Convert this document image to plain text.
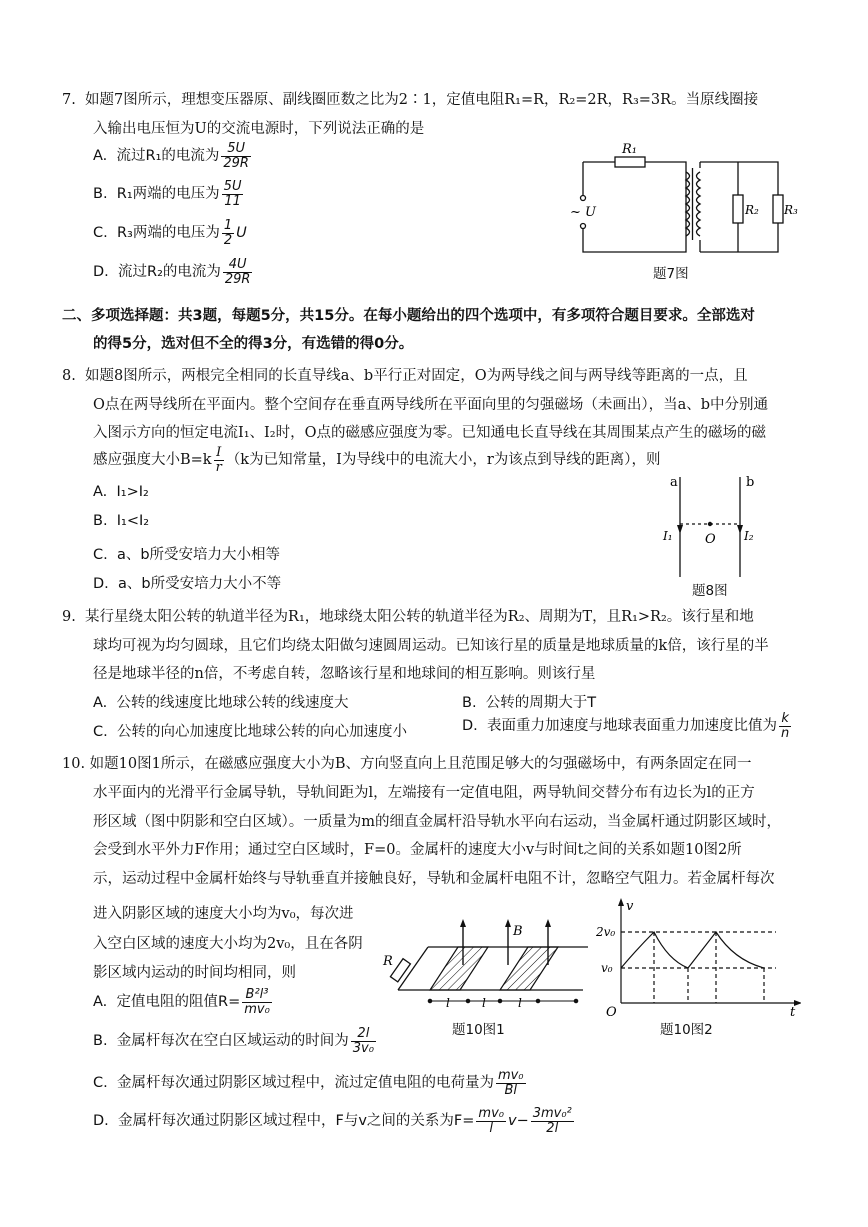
7.  如题7图所示，理想变压器原、副线圈匝数之比为2∶1，定值电阻R₁=R，R₂=2R，R₃=3R。当原线圈接
入输出电压恒为U的交流电源时，下列说法正确的是
A.  流过R₁的电流为 $\frac{5U}{29R}$
B.  R₁两端的电压为 $\frac{5U}{11}$
C.  R₃两端的电压为 $\frac{1}{2}$ U
D.  流过R₂的电流为 $\frac{4U}{29R}$
R₁
~ U	R₂ R₃
题7图
二、多项选择题：共3题，每题5分，共15分。在每小题给出的四个选项中，有多项符合题目要求。全部选对
的得5分，选对但不全的得3分，有选错的得0分。
8.  如题8图所示，两根完全相同的长直导线a、b平行正对固定，O为两导线之间与两导线等距离的一点，且
O点在两导线所在平面内。整个空间存在垂直两导线所在平面向里的匀强磁场（未画出），当a、b中分别通
入图示方向的恒定电流I₁、I₂时，O点的磁感应强度为零。已知通电长直导线在其周围某点产生的磁场的磁
感应强度大小$B=k \frac{I}{r} (k$为已知常量，I为导线中的电流大小，r为该点到导线的距离），则
A.  I₁>I₂
B.  I₁<I₂
C.  a、b所受安培力大小相等
D.  a、b所受安培力大小不等
a	b
I₁	I₂
O
题8图
9.  某行星绕太阳公转的轨道半径为R₁，地球绕太阳公转的轨道半径为R₂、周期为T，且R₁>R₂。该行星和地
球均可视为均匀圆球，且它们均绕太阳做匀速圆周运动。已知该行星的质量是地球质量的k倍，该行星的半
径是地球半径的n倍，不考虑自转，忽略该行星和地球间的相互影响。则该行星
A.  公转的线速度比地球公转的线速度大	B.  公转的周期大于T
C.  公转的向心加速度比地球公转的向心加速度小	D.  表面重力加速度与地球表面重力加速度比值为 $\frac{k}{n}$
10. 如题10图1所示，在磁感应强度大小为B、方向竖直向上且范围足够大的匀强磁场中，有两条固定在同一
水平面内的光滑平行金属导轨，导轨间距为l，左端接有一定值电阻，两导轨间交替分布有边长为l的正方
形区域（图中阴影和空白区域）。一质量为m的细直金属杆沿导轨水平向右运动，当金属杆通过阴影区域时，
会受到水平外力F作用；通过空白区域时，F=0。金属杆的速度大小v与时间t之间的关系如题10图2所
示，运动过程中金属杆始终与导轨垂直并接触良好，导轨和金属杆电阻不计，忽略空气阻力。若金属杆每次
进入阴影区域的速度大小均为v₀，每次进
入空白区域的速度大小均为2v₀，且在各阴
影区域内运动的时间均相同，则
A.  定值电阻的阻值$R= \frac{\text{B²l³}}{\text{mv₀}}$
B.  金属杆每次在空白区域运动的时间为 $\frac{2l}{\text{3v₀}}$
C.  金属杆每次通过阴影区域过程中，流过定值电阻的电荷量为 $\frac{\text{mv₀}}{Bl}$
D.  金属杆每次通过阴影区域过程中，F与v之间的关系为$F= \frac{\text{mv₀}}{l} v- \frac{\text{3mv₀²}}{2l}$
R
B
l	l	l
题10图1
v
t
O
2v₀
v₀
题10图2
